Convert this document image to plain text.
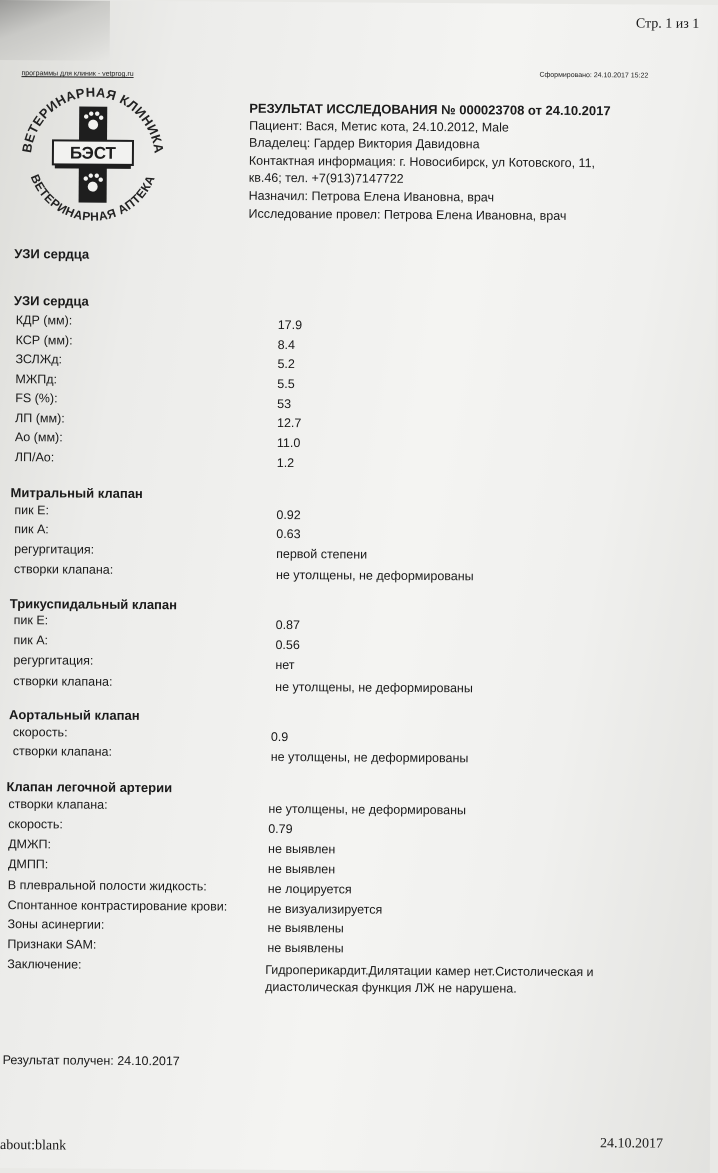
Стр. 1 из 1
программы для клиник - vetprog.ru	Сформировано: 24.10.2017 15:22
ВЕТЕРИНАРНАЯ КЛИНИКА
ВЕТЕРИНАРНАЯ АПТЕКА
БЭСТ
РЕЗУЛЬТАТ ИССЛЕДОВАНИЯ № 000023708 от 24.10.2017
Пациент: Вася, Метис кота, 24.10.2012, Male
Владелец: Гардер Виктория Давидовна
Контактная информация: г. Новосибирск, ул Котовского, 11,
кв.46; тел. +7(913)7147722
Назначил: Петрова Елена Ивановна, врач
Исследование провел: Петрова Елена Ивановна, врач
УЗИ сердца
УЗИ сердца
КДР (мм):	17.9
КСР (мм):	8.4
ЗСЛЖд:	5.2
МЖПд:	5.5
FS (%):	53
ЛП (мм):	12.7
Ao (мм):	11.0
ЛП/Ao:	1.2
Митральный клапан
пик Е:	0.92
пик А:	0.63
регургитация:	первой степени
створки клапана:	не утолщены, не деформированы
Трикуспидальный клапан
пик Е:	0.87
пик А:	0.56
регургитация:	нет
створки клапана:	не утолщены, не деформированы
Аортальный клапан
скорость:	0.9
створки клапана:	не утолщены, не деформированы
Клапан легочной артерии
створки клапана:	не утолщены, не деформированы
скорость:	0.79
ДМЖП:	не выявлен
ДМПП:	не выявлен
В плевральной полости жидкость:	не лоцируется
Спонтанное контрастирование крови:	не визуализируется
Зоны асинергии:	не выявлены
Признаки SAM:	не выявлены
Заключение:	Гидроперикардит.Дилятации камер нет.Систолическая и
диастолическая функция ЛЖ не нарушена.
Результат получен: 24.10.2017
about:blank	24.10.2017
